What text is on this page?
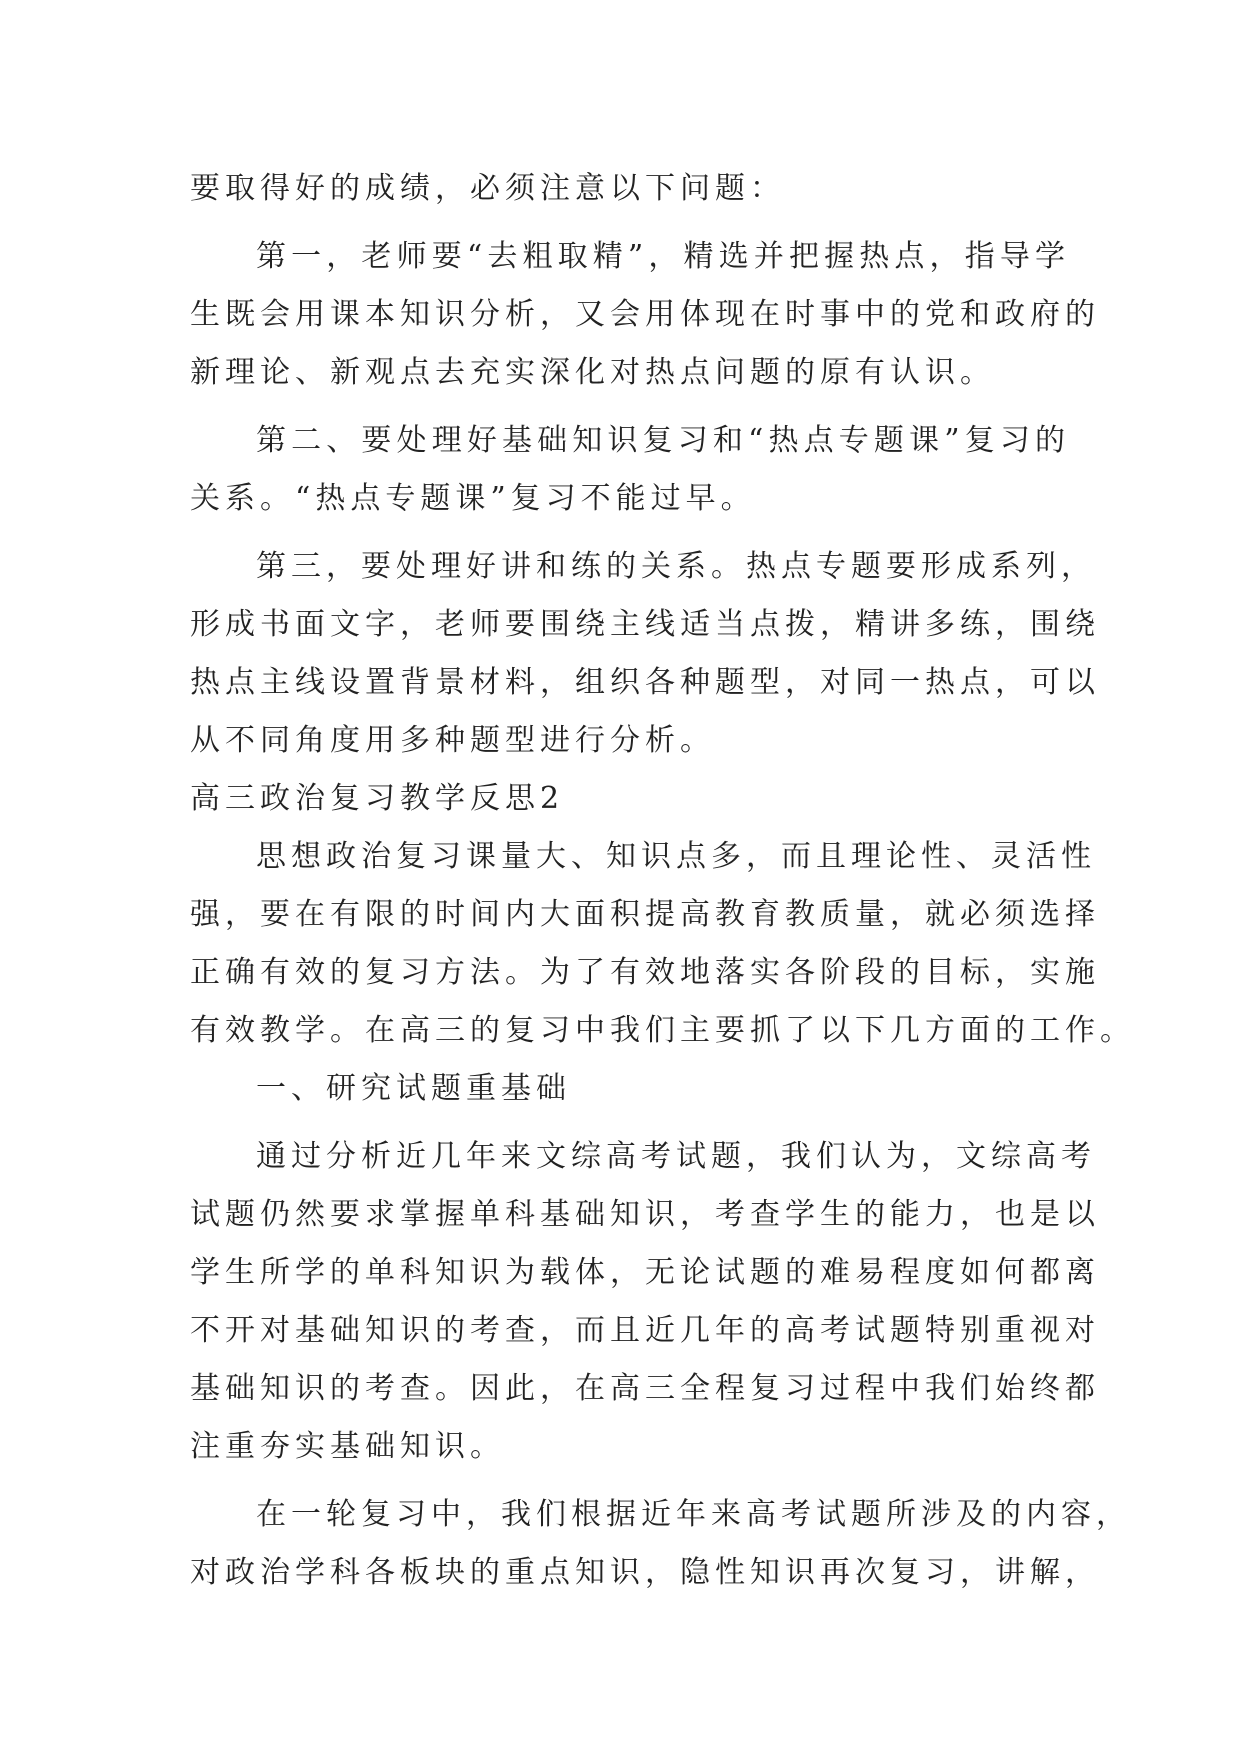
要取得好的成绩，必须注意以下问题：
第一，老师要“去粗取精”，精选并把握热点，指导学
生既会用课本知识分析，又会用体现在时事中的党和政府的
新理论、新观点去充实深化对热点问题的原有认识。
第二、要处理好基础知识复习和“热点专题课”复习的
关系。“热点专题课”复习不能过早。
第三，要处理好讲和练的关系。热点专题要形成系列，
形成书面文字，老师要围绕主线适当点拨，精讲多练，围绕
热点主线设置背景材料，组织各种题型，对同一热点，可以
从不同角度用多种题型进行分析。
高三政治复习教学反思2
思想政治复习课量大、知识点多，而且理论性、灵活性
强，要在有限的时间内大面积提高教育教质量，就必须选择
正确有效的复习方法。为了有效地落实各阶段的目标，实施
有效教学。在高三的复习中我们主要抓了以下几方面的工作。
一、研究试题重基础
通过分析近几年来文综高考试题，我们认为，文综高考
试题仍然要求掌握单科基础知识，考查学生的能力，也是以
学生所学的单科知识为载体，无论试题的难易程度如何都离
不开对基础知识的考查，而且近几年的高考试题特别重视对
基础知识的考查。因此，在高三全程复习过程中我们始终都
注重夯实基础知识。
在一轮复习中，我们根据近年来高考试题所涉及的内容，
对政治学科各板块的重点知识，隐性知识再次复习，讲解，
